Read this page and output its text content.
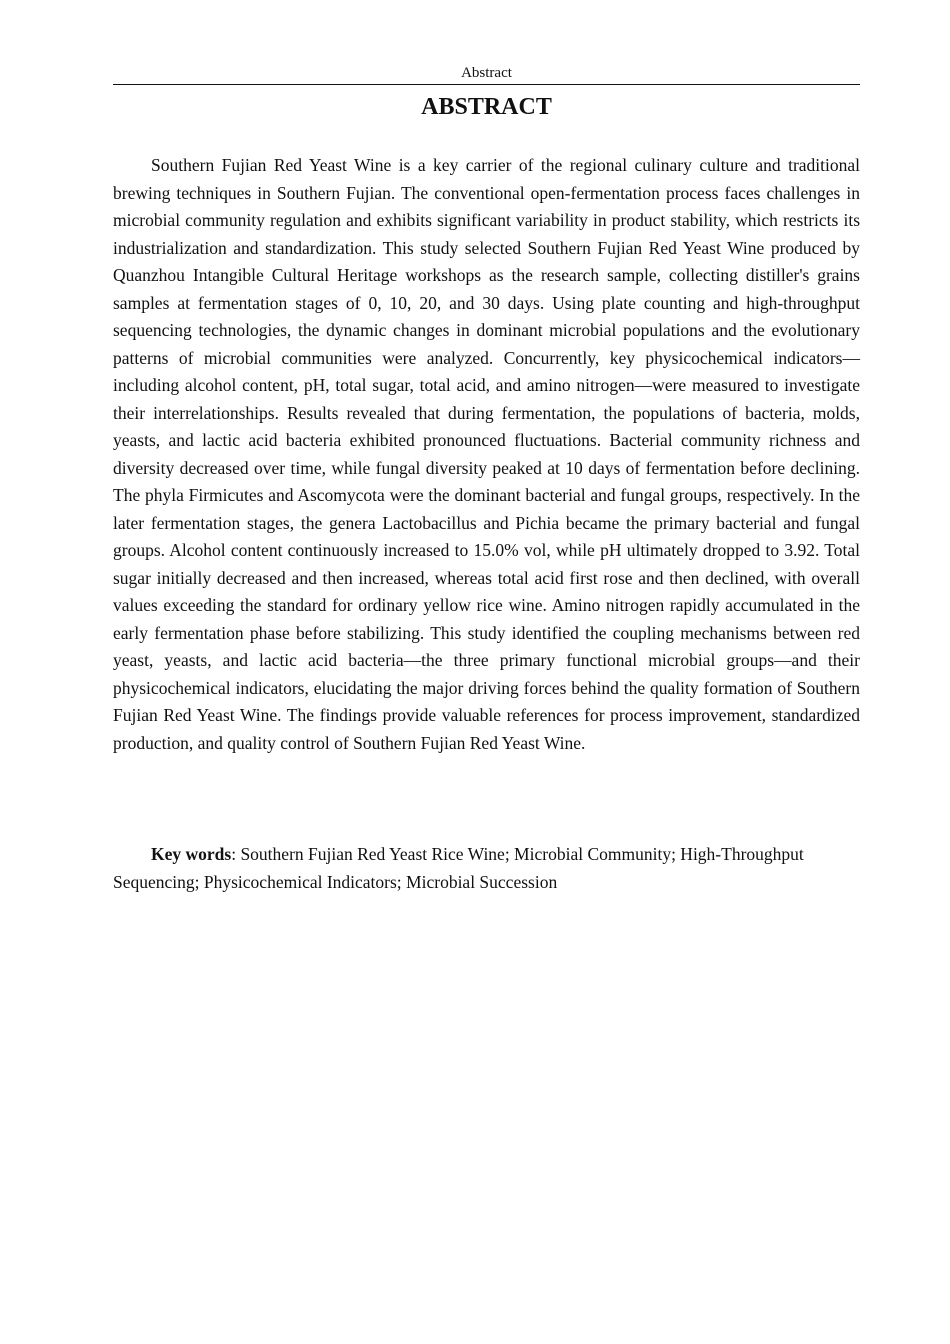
Abstract
ABSTRACT

Southern Fujian Red Yeast Wine is a key carrier of the regional culinary culture and traditional brewing techniques in Southern Fujian. The conventional open-fermentation process faces challenges in microbial community regulation and exhibits significant variability in product stability, which restricts its industrialization and standardization. This study selected Southern Fujian Red Yeast Wine produced by Quanzhou Intangible Cultural Heritage workshops as the research sample, collecting distiller's grains samples at fermentation stages of 0, 10, 20, and 30 days. Using plate counting and high-throughput sequencing technologies, the dynamic changes in dominant microbial populations and the evolutionary patterns of microbial communities were analyzed. Concurrently, key physicochemical indicators—including alcohol content, pH, total sugar, total acid, and amino nitrogen—were measured to investigate their interrelationships. Results revealed that during fermentation, the populations of bacteria, molds, yeasts, and lactic acid bacteria exhibited pronounced fluctuations. Bacterial community richness and diversity decreased over time, while fungal diversity peaked at 10 days of fermentation before declining. The phyla Firmicutes and Ascomycota were the dominant bacterial and fungal groups, respectively. In the later fermentation stages, the genera Lactobacillus and Pichia became the primary bacterial and fungal groups. Alcohol content continuously increased to 15.0% vol, while pH ultimately dropped to 3.92. Total sugar initially decreased and then increased, whereas total acid first rose and then declined, with overall values exceeding the standard for ordinary yellow rice wine. Amino nitrogen rapidly accumulated in the early fermentation phase before stabilizing. This study identified the coupling mechanisms between red yeast, yeasts, and lactic acid bacteria—the three primary functional microbial groups—and their physicochemical indicators, elucidating the major driving forces behind the quality formation of Southern Fujian Red Yeast Wine. The findings provide valuable references for process improvement, standardized production, and quality control of Southern Fujian Red Yeast Wine.

Key words: Southern Fujian Red Yeast Rice Wine; Microbial Community; High-Throughput Sequencing; Physicochemical Indicators; Microbial Succession
